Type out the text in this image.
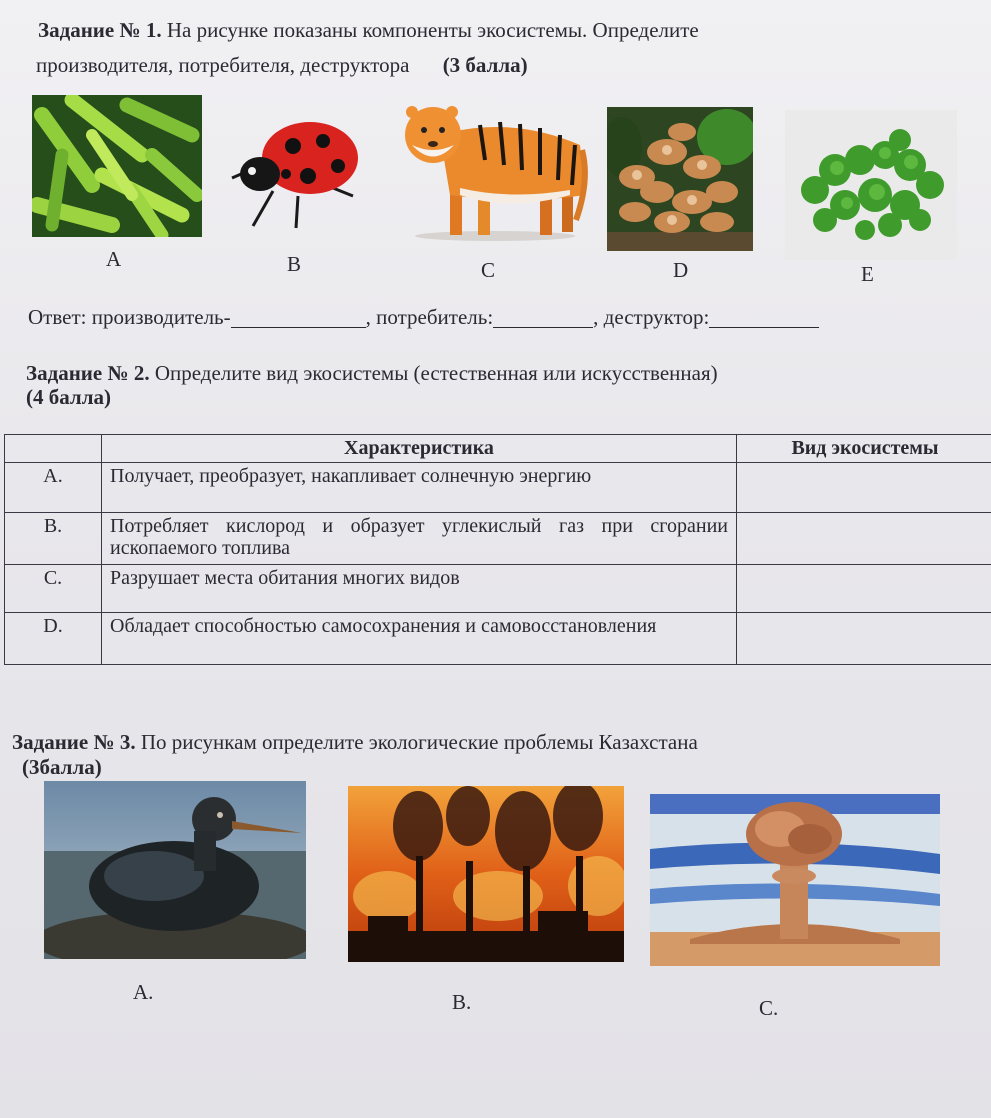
Задание № 1. На рисунке показаны компоненты экосистемы. Определите
производителя, потребителя, деструктора (3 балла)
A	B	C	D	E
Ответ: производитель-	, потребитель:	, деструктор:
Задание № 2. Определите вид экосистемы (естественная или искусственная)
(4 балла)
	Характеристика	Вид экосистемы
A.	Получает, преобразует, накапливает солнечную энергию	
B.	Потребляет кислород и образует углекислый газ при сгорании ископаемого топлива	
C.	Разрушает места обитания многих видов	
D.	Обладает способностью самосохранения и самовосстановления	
Задание № 3. По рисункам определите экологические проблемы Казахстана
(3балла)
A.	B.	C.
